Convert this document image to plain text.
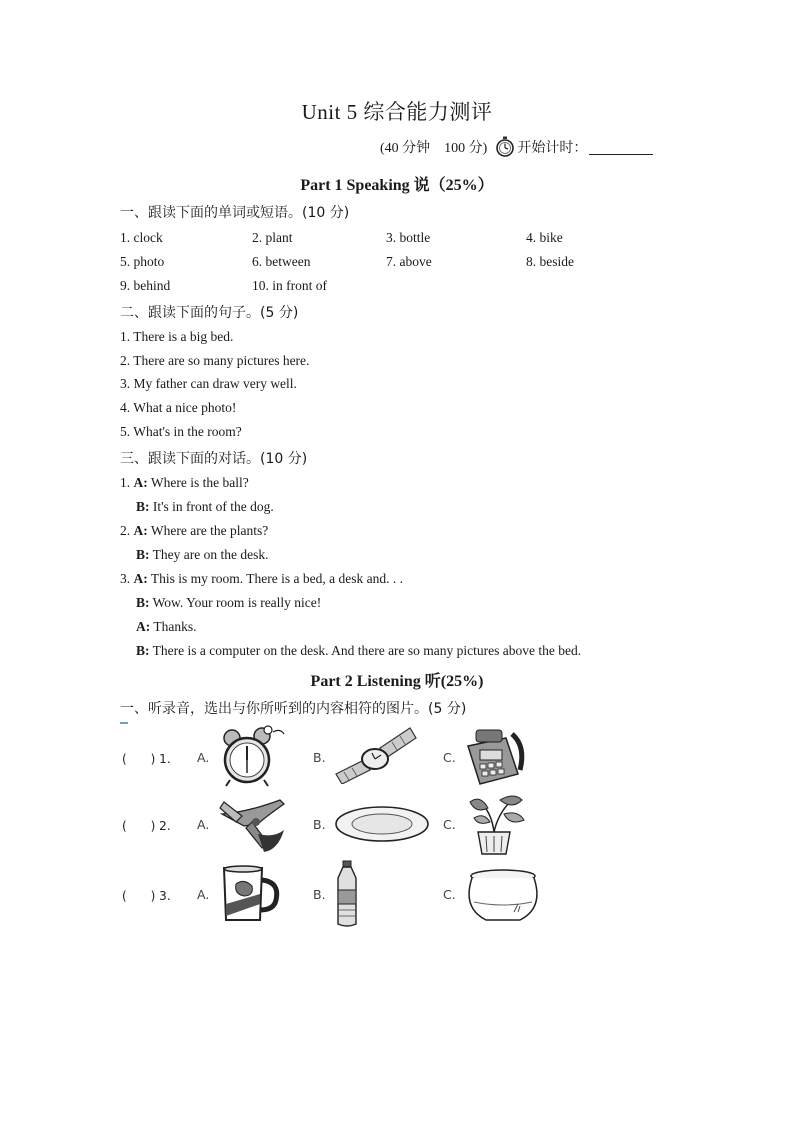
Unit 5 综合能力测评
(40 分钟 100 分) 开始计时：
Part 1 Speaking 说（25%）
一、跟读下面的单词或短语。(10 分)
1. clock	2. plant	3. bottle	4. bike
5. photo	6. between	7. above	8. beside
9. behind	10. in front of
二、跟读下面的句子。(5 分)
1. There is a big bed.
2. There are so many pictures here.
3. My father can draw very well.
4. What a nice photo!
5. What's in the room?
三、跟读下面的对话。(10 分)
1. A: Where is the ball?
B: It's in front of the dog.
2. A: Where are the plants?
B: They are on the desk.
3. A: This is my room. There is a bed, a desk and. . .
B: Wow. Your room is really nice!
A: Thanks.
B: There is a computer on the desk. And there are so many pictures above the bed.
Part 2 Listening 听(25%)
一、听录音，选出与你所听到的内容相符的图片。(5 分)
(　　) 1. A.	B.	C.
(　　) 2. A.	B.	C.
(　　) 3. A.	B.	C.
